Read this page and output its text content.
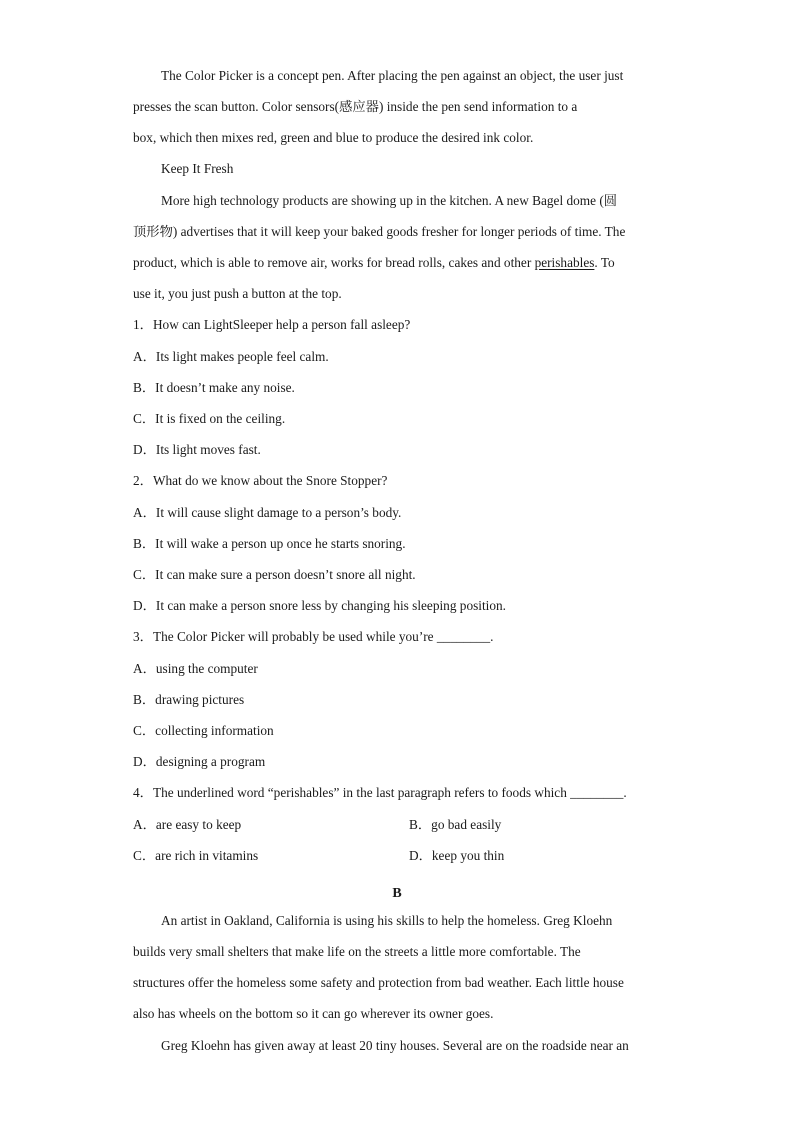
The Color Picker is a concept pen. After placing the pen against an object, the user just

presses the scan button. Color sensors(感应器) inside the pen send information to a

box, which then mixes red, green and blue to produce the desired ink color.

Keep It Fresh

More high technology products are showing up in the kitchen. A new Bagel dome (圆

顶形物) advertises that it will keep your baked goods fresher for longer periods of time. The

product, which is able to remove air, works for bread rolls, cakes and other perishables. To

use it, you just push a button at the top.

1．How can LightSleeper help a person fall asleep?

A．Its light makes people feel calm.

B．It doesn’t make any noise.

C．It is fixed on the ceiling.

D．Its light moves fast.

2．What do we know about the Snore Stopper?

A．It will cause slight damage to a person’s body.

B．It will wake a person up once he starts snoring.

C．It can make sure a person doesn’t snore all night.

D．It can make a person snore less by changing his sleeping position.

3．The Color Picker will probably be used while you’re ________.

A．using the computer

B．drawing pictures

C．collecting information

D．designing a program

4．The underlined word “perishables” in the last paragraph refers to foods which ________.

A．are easy to keep	B．go bad easily

C．are rich in vitamins	D．keep you thin

B

An artist in Oakland, California is using his skills to help the homeless. Greg Kloehn

builds very small shelters that make life on the streets a little more comfortable. The

structures offer the homeless some safety and protection from bad weather. Each little house

also has wheels on the bottom so it can go wherever its owner goes.

Greg Kloehn has given away at least 20 tiny houses. Several are on the roadside near an
